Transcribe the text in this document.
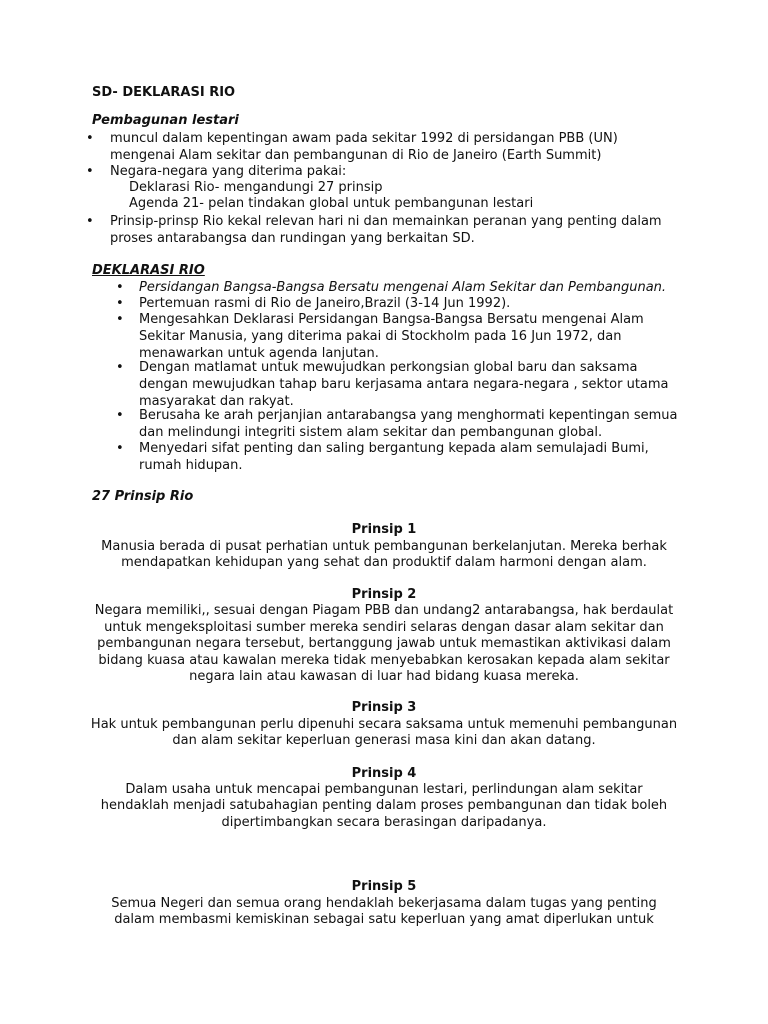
SD- DEKLARASI RIO
Pembagunan lestari
• muncul dalam kepentingan awam pada sekitar 1992 di persidangan PBB (UN)
mengenai Alam sekitar dan pembangunan di Rio de Janeiro (Earth Summit)
• Negara-negara yang diterima pakai:
Deklarasi Rio- mengandungi 27 prinsip
Agenda 21- pelan tindakan global untuk pembangunan lestari
• Prinsip-prinsp Rio kekal relevan hari ni dan memainkan peranan yang penting dalam
proses antarabangsa dan rundingan yang berkaitan SD.
DEKLARASI RIO
• Persidangan Bangsa-Bangsa Bersatu mengenai Alam Sekitar dan Pembangunan.
• Pertemuan rasmi di Rio de Janeiro,Brazil (3-14 Jun 1992).
• Mengesahkan Deklarasi Persidangan Bangsa-Bangsa Bersatu mengenai Alam
Sekitar Manusia, yang diterima pakai di Stockholm pada 16 Jun 1972, dan
menawarkan untuk agenda lanjutan.
• Dengan matlamat untuk mewujudkan perkongsian global baru dan saksama
dengan mewujudkan tahap baru kerjasama antara negara-negara , sektor utama
masyarakat dan rakyat.
• Berusaha ke arah perjanjian antarabangsa yang menghormati kepentingan semua
dan melindungi integriti sistem alam sekitar dan pembangunan global.
• Menyedari sifat penting dan saling bergantung kepada alam semulajadi Bumi,
rumah hidupan.
27 Prinsip Rio
Prinsip 1
Manusia berada di pusat perhatian untuk pembangunan berkelanjutan. Mereka berhak
mendapatkan kehidupan yang sehat dan produktif dalam harmoni dengan alam.
Prinsip 2
Negara memiliki,, sesuai dengan Piagam PBB dan undang2 antarabangsa, hak berdaulat
untuk mengeksploitasi sumber mereka sendiri selaras dengan dasar alam sekitar dan
pembangunan negara tersebut, bertanggung jawab untuk memastikan aktivikasi dalam
bidang kuasa atau kawalan mereka tidak menyebabkan kerosakan kepada alam sekitar
negara lain atau kawasan di luar had bidang kuasa mereka.
Prinsip 3
Hak untuk pembangunan perlu dipenuhi secara saksama untuk memenuhi pembangunan
dan alam sekitar keperluan generasi masa kini dan akan datang.
Prinsip 4
Dalam usaha untuk mencapai pembangunan lestari, perlindungan alam sekitar
hendaklah menjadi satubahagian penting dalam proses pembangunan dan tidak boleh
dipertimbangkan secara berasingan daripadanya.
Prinsip 5
Semua Negeri dan semua orang hendaklah bekerjasama dalam tugas yang penting
dalam membasmi kemiskinan sebagai satu keperluan yang amat diperlukan untuk
